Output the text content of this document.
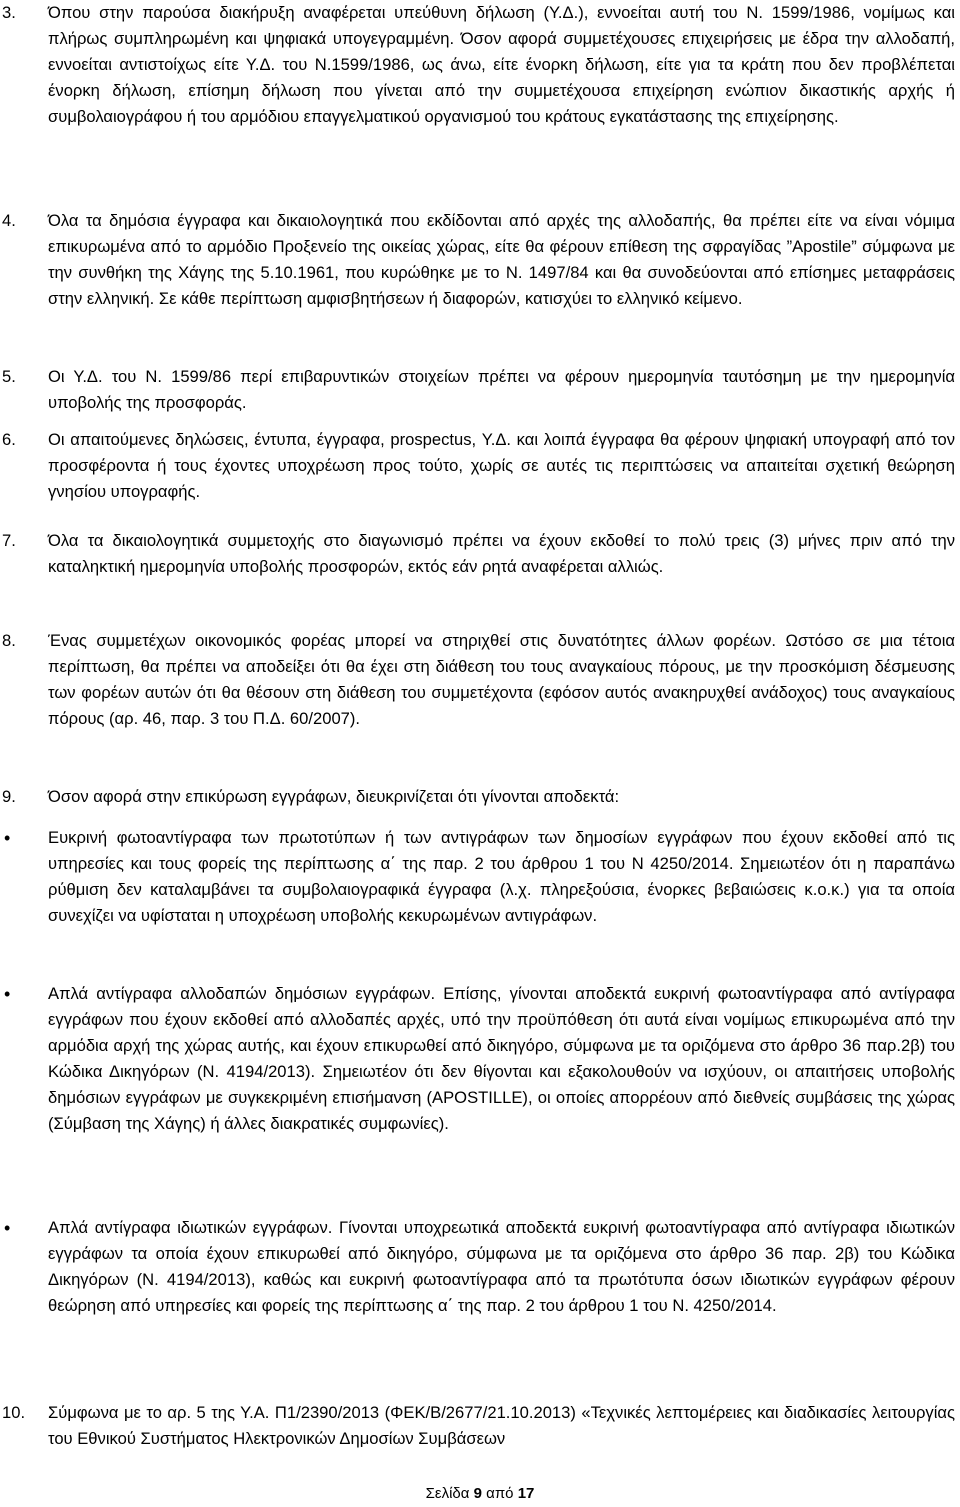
3.	Όπου στην παρούσα διακήρυξη αναφέρεται υπεύθυνη δήλωση (Υ.Δ.), εννοείται αυτή του Ν. 1599/1986, νομίμως και πλήρως συμπληρωμένη και ψηφιακά υπογεγραμμένη. Όσον αφορά συμμετέχουσες επιχειρήσεις με έδρα την αλλοδαπή, εννοείται αντιστοίχως είτε Υ.Δ. του Ν.1599/1986, ως άνω, είτε ένορκη δήλωση, είτε για τα κράτη που δεν προβλέπεται ένορκη δήλωση, επίσημη δήλωση που γίνεται από την συμμετέχουσα επιχείρηση ενώπιον δικαστικής αρχής ή συμβολαιογράφου ή του αρμόδιου επαγγελματικού οργανισμού του κράτους εγκατάστασης της επιχείρησης.
4.	Όλα τα δημόσια έγγραφα και δικαιολογητικά που εκδίδονται από αρχές της αλλοδαπής, θα πρέπει είτε να είναι νόμιμα επικυρωμένα από το αρμόδιο Προξενείο της οικείας χώρας, είτε θα φέρουν επίθεση της σφραγίδας ”Apostile” σύμφωνα με την συνθήκη της Χάγης της 5.10.1961, που κυρώθηκε με το Ν. 1497/84 και θα συνοδεύονται από επίσημες μεταφράσεις στην ελληνική. Σε κάθε περίπτωση αμφισβητήσεων ή διαφορών, κατισχύει το ελληνικό κείμενο.
5.	Οι Υ.Δ. του Ν. 1599/86 περί επιβαρυντικών στοιχείων πρέπει να φέρουν ημερομηνία ταυτόσημη με την ημερομηνία υποβολής της προσφοράς.
6.	Οι απαιτούμενες δηλώσεις, έντυπα, έγγραφα, prospectus, Υ.Δ. και λοιπά έγγραφα θα φέρουν ψηφιακή υπογραφή από τον προσφέροντα ή τους έχοντες υποχρέωση προς τούτο, χωρίς σε αυτές τις περιπτώσεις να απαιτείται σχετική θεώρηση γνησίου υπογραφής.
7.	Όλα τα δικαιολογητικά συμμετοχής στο διαγωνισμό πρέπει να έχουν εκδοθεί το πολύ τρεις (3) μήνες πριν από την καταληκτική ημερομηνία υποβολής προσφορών, εκτός εάν ρητά αναφέρεται αλλιώς.
8.	Ένας συμμετέχων οικονομικός φορέας μπορεί να στηριχθεί στις δυνατότητες άλλων φορέων. Ωστόσο σε μια τέτοια περίπτωση, θα πρέπει να αποδείξει ότι θα έχει στη διάθεση του τους αναγκαίους πόρους, με την προσκόμιση δέσμευσης των φορέων αυτών ότι θα θέσουν στη διάθεση του συμμετέχοντα (εφόσον αυτός ανακηρυχθεί ανάδοχος) τους αναγκαίους πόρους (αρ. 46, παρ. 3 του Π.Δ. 60/2007).
9.	Όσον αφορά στην επικύρωση εγγράφων, διευκρινίζεται ότι γίνονται αποδεκτά:
•	Ευκρινή φωτοαντίγραφα των πρωτοτύπων ή των αντιγράφων των δημοσίων εγγράφων που έχουν εκδοθεί από τις υπηρεσίες και τους φορείς της περίπτωσης α΄ της παρ. 2 του άρθρου 1 του Ν 4250/2014. Σημειωτέον ότι η παραπάνω ρύθμιση δεν καταλαμβάνει τα συμβολαιογραφικά έγγραφα (λ.χ. πληρεξούσια, ένορκες βεβαιώσεις κ.ο.κ.) για τα οποία συνεχίζει να υφίσταται η υποχρέωση υποβολής κεκυρωμένων αντιγράφων.
•	Απλά αντίγραφα αλλοδαπών δημόσιων εγγράφων. Επίσης, γίνονται αποδεκτά ευκρινή φωτοαντίγραφα από αντίγραφα εγγράφων που έχουν εκδοθεί από αλλοδαπές αρχές, υπό την προϋπόθεση ότι αυτά είναι νομίμως επικυρωμένα από την αρμόδια αρχή της χώρας αυτής, και έχουν επικυρωθεί από δικηγόρο, σύμφωνα με τα οριζόμενα στο άρθρο 36 παρ.2β) του Κώδικα Δικηγόρων (Ν. 4194/2013). Σημειωτέον ότι δεν θίγονται και εξακολουθούν να ισχύουν, οι απαιτήσεις υποβολής δημόσιων εγγράφων με συγκεκριμένη επισήμανση (APOSTILLE), οι οποίες απορρέουν από διεθνείς συμβάσεις της χώρας (Σύμβαση της Χάγης) ή άλλες διακρατικές συμφωνίες).
•	Απλά αντίγραφα ιδιωτικών εγγράφων. Γίνονται υποχρεωτικά αποδεκτά ευκρινή φωτοαντίγραφα από αντίγραφα ιδιωτικών εγγράφων τα οποία έχουν επικυρωθεί από δικηγόρο, σύμφωνα με τα οριζόμενα στο άρθρο 36 παρ. 2β) του Κώδικα Δικηγόρων (Ν. 4194/2013), καθώς και ευκρινή φωτοαντίγραφα από τα πρωτότυπα όσων ιδιωτικών εγγράφων φέρουν θεώρηση από υπηρεσίες και φορείς της περίπτωσης α΄ της παρ. 2 του άρθρου 1 του Ν. 4250/2014.
10.	Σύμφωνα με το αρ. 5 της Υ.Α. Π1/2390/2013 (ΦΕΚ/Β/2677/21.10.2013) «Τεχνικές λεπτομέρειες και διαδικασίες λειτουργίας του Εθνικού Συστήματος Ηλεκτρονικών Δημοσίων Συμβάσεων
Σελίδα 9 από 17
